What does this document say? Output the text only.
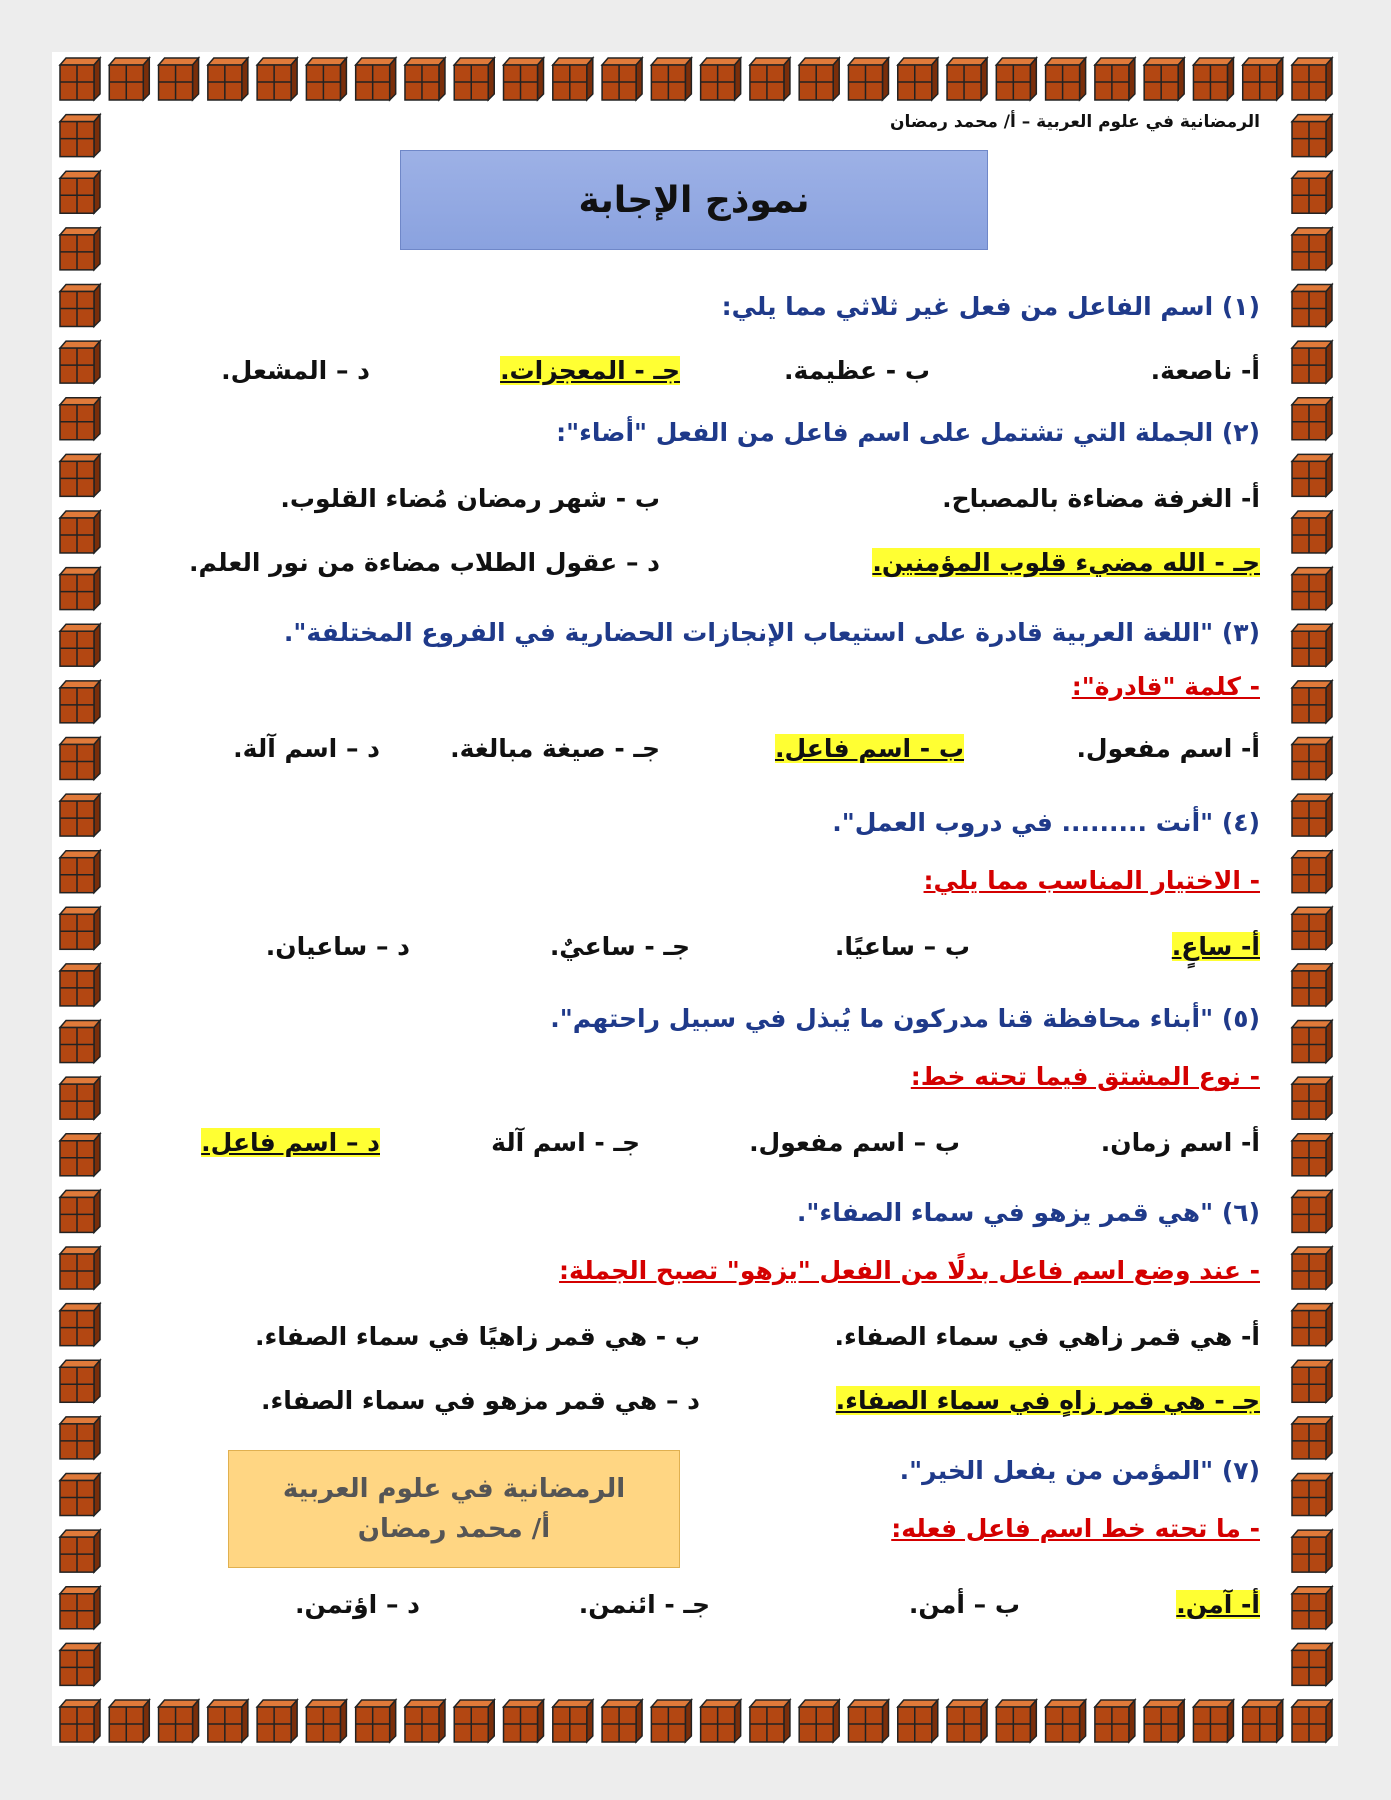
الرمضانية في علوم العربية – أ/ محمد رمضان
نموذج الإجابة
(١) اسم الفاعل من فعل غير ثلاثي مما يلي:
أ- ناصعة.
ب - عظيمة.
جـ - المعجزات.
د – المشعل.
(٢) الجملة التي تشتمل على اسم فاعل من الفعل "أضاء":
أ- الغرفة مضاءة بالمصباح.
ب - شهر رمضان مُضاء القلوب.
جـ - الله مضيء قلوب المؤمنين.
د – عقول الطلاب مضاءة من نور العلم.
(٣) "اللغة العربية قادرة على استيعاب الإنجازات الحضارية في الفروع المختلفة".
- كلمة "قادرة":
أ- اسم مفعول.
ب - اسم فاعل.
جـ - صيغة مبالغة.
د – اسم آلة.
(٤) "أنت ......... في دروب العمل".
- الاختيار المناسب مما يلي:
أ- ساعٍ.
ب – ساعيًا.
جـ - ساعيٌ.
د – ساعيان.
(٥) "أبناء محافظة قنا مدركون ما يُبذل في سبيل راحتهم".
- نوع المشتق فيما تحته خط:
أ- اسم زمان.
ب – اسم مفعول.
جـ - اسم آلة
د – اسم فاعل.
(٦) "هي قمر يزهو في سماء الصفاء".
- عند وضع اسم فاعل بدلًا من الفعل "يزهو" تصبح الجملة:
أ- هي قمر زاهي في سماء الصفاء.
ب - هي قمر زاهيًا في سماء الصفاء.
جـ - هي قمر زاهٍ في سماء الصفاء.
د – هي قمر مزهو في سماء الصفاء.
(٧) "المؤمن من يفعل الخير".
- ما تحته خط اسم فاعل فعله:
أ- آمن.
ب – أمن.
جـ - ائنمن.
د – اؤتمن.
الرمضانية في علوم العربية
أ/ محمد رمضان
